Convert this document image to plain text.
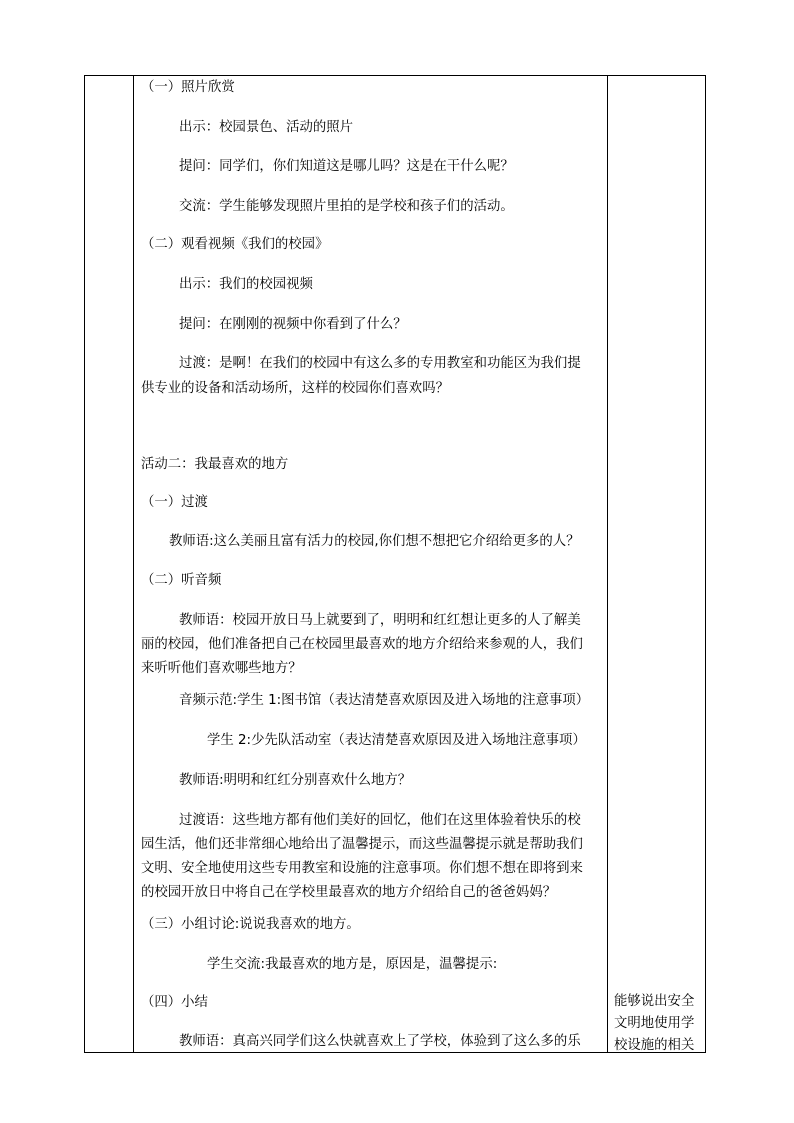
（一）照片欣赏
出示：校园景色、活动的照片
提问：同学们，你们知道这是哪儿吗？这是在干什么呢？
交流：学生能够发现照片里拍的是学校和孩子们的活动。
（二）观看视频《我们的校园》
出示：我们的校园视频
提问：在刚刚的视频中你看到了什么？
过渡：是啊！在我们的校园中有这么多的专用教室和功能区为我们提
供专业的设备和活动场所，这样的校园你们喜欢吗？
活动二：我最喜欢的地方
（一）过渡
教师语:这么美丽且富有活力的校园,你们想不想把它介绍给更多的人？
（二）听音频
教师语：校园开放日马上就要到了，明明和红红想让更多的人了解美
丽的校园，他们准备把自己在校园里最喜欢的地方介绍给来参观的人，我们
来听听他们喜欢哪些地方？
音频示范:学生 1:图书馆（表达清楚喜欢原因及进入场地的注意事项）
学生 2:少先队活动室（表达清楚喜欢原因及进入场地注意事项）
教师语:明明和红红分别喜欢什么地方？
过渡语：这些地方都有他们美好的回忆，他们在这里体验着快乐的校
园生活，他们还非常细心地给出了温馨提示，而这些温馨提示就是帮助我们
文明、安全地使用这些专用教室和设施的注意事项。你们想不想在即将到来
的校园开放日中将自己在学校里最喜欢的地方介绍给自己的爸爸妈妈？
（三）小组讨论:说说我喜欢的地方。
学生交流:我最喜欢的地方是，原因是，温馨提示:
（四）小结
教师语：真高兴同学们这么快就喜欢上了学校，体验到了这么多的乐
能够说出安全
文明地使用学
校设施的相关
